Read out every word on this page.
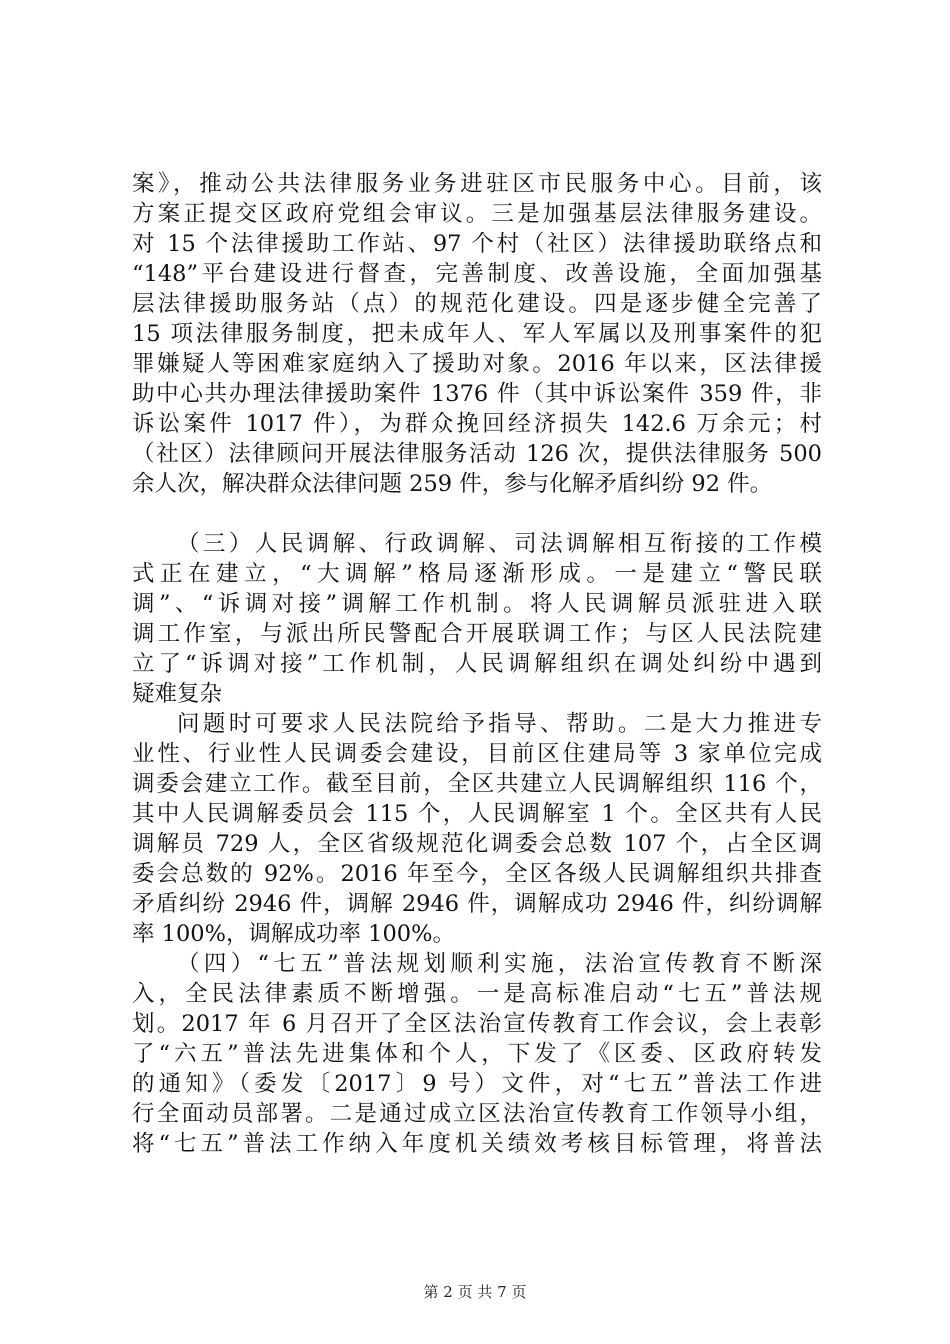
案》，推动公共法律服务业务进驻区市民服务中心。目前，该
方案正提交区政府党组会审议。三是加强基层法律服务建设。
对 15 个法律援助工作站、97 个村（社区）法律援助联络点和
“148”平台建设进行督查，完善制度、改善设施，全面加强基
层法律援助服务站（点）的规范化建设。四是逐步健全完善了
15 项法律服务制度，把未成年人、军人军属以及刑事案件的犯
罪嫌疑人等困难家庭纳入了援助对象。2016 年以来，区法律援
助中心共办理法律援助案件 1376 件（其中诉讼案件 359 件，非
诉讼案件 1017 件），为群众挽回经济损失 142.6 万余元；村
（社区）法律顾问开展法律服务活动 126 次，提供法律服务 500
余人次，解决群众法律问题 259 件，参与化解矛盾纠纷 92 件。
（三）人民调解、行政调解、司法调解相互衔接的工作模
式正在建立，“大调解”格局逐渐形成。一是建立“警民联
调”、“诉调对接”调解工作机制。将人民调解员派驻进入联
调工作室，与派出所民警配合开展联调工作；与区人民法院建
立了“诉调对接”工作机制，人民调解组织在调处纠纷中遇到
疑难复杂
问题时可要求人民法院给予指导、帮助。二是大力推进专
业性、行业性人民调委会建设，目前区住建局等 3 家单位完成
调委会建立工作。截至目前，全区共建立人民调解组织 116 个，
其中人民调解委员会 115 个，人民调解室 1 个。全区共有人民
调解员 729 人，全区省级规范化调委会总数 107 个，占全区调
委会总数的 92%。2016 年至今，全区各级人民调解组织共排查
矛盾纠纷 2946 件，调解 2946 件，调解成功 2946 件，纠纷调解
率 100%，调解成功率 100%。
（四）“七五”普法规划顺利实施，法治宣传教育不断深
入，全民法律素质不断增强。一是高标准启动“七五”普法规
划。2017 年 6 月召开了全区法治宣传教育工作会议，会上表彰
了“六五”普法先进集体和个人，下发了《区委、区政府转发
的通知》（委发〔2017〕9 号）文件，对“七五”普法工作进
行全面动员部署。二是通过成立区法治宣传教育工作领导小组，
将“七五”普法工作纳入年度机关绩效考核目标管理，将普法
第 2 页 共 7 页
